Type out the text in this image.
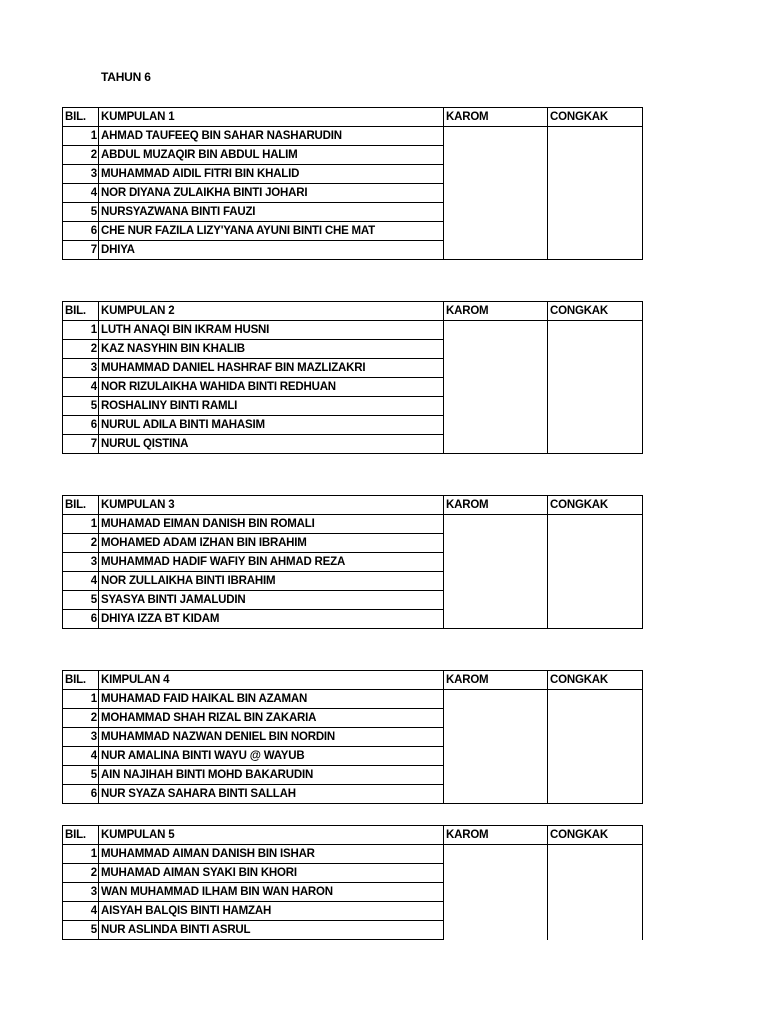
TAHUN 6
BIL.	KUMPULAN 1	KAROM	CONGKAK
1	AHMAD TAUFEEQ BIN SAHAR NASHARUDIN		
2	ABDUL MUZAQIR BIN ABDUL HALIM		
3	MUHAMMAD AIDIL FITRI BIN KHALID		
4	NOR DIYANA ZULAIKHA BINTI JOHARI		
5	NURSYAZWANA BINTI FAUZI		
6	CHE NUR FAZILA LIZY'YANA AYUNI BINTI CHE MAT		
7	DHIYA		
BIL.	KUMPULAN 2	KAROM	CONGKAK
1	LUTH ANAQI BIN IKRAM HUSNI		
2	KAZ NASYHIN BIN KHALIB		
3	MUHAMMAD DANIEL HASHRAF BIN MAZLIZAKRI		
4	NOR RIZULAIKHA WAHIDA BINTI REDHUAN		
5	ROSHALINY BINTI RAMLI		
6	NURUL ADILA BINTI MAHASIM		
7	NURUL QISTINA		
BIL.	KUMPULAN 3	KAROM	CONGKAK
1	MUHAMAD EIMAN DANISH BIN ROMALI		
2	MOHAMED ADAM IZHAN BIN IBRAHIM		
3	MUHAMMAD HADIF WAFIY BIN AHMAD REZA		
4	NOR ZULLAIKHA BINTI IBRAHIM		
5	SYASYA BINTI JAMALUDIN		
6	DHIYA IZZA BT KIDAM		
BIL.	KIMPULAN 4	KAROM	CONGKAK
1	MUHAMAD FAID HAIKAL BIN AZAMAN		
2	MOHAMMAD SHAH RIZAL BIN ZAKARIA		
3	MUHAMMAD NAZWAN DENIEL BIN NORDIN		
4	NUR AMALINA BINTI WAYU @ WAYUB		
5	AIN NAJIHAH BINTI MOHD BAKARUDIN		
6	NUR SYAZA SAHARA BINTI SALLAH		
BIL.	KUMPULAN 5	KAROM	CONGKAK
1	MUHAMMAD AIMAN DANISH BIN ISHAR		
2	MUHAMAD AIMAN SYAKI BIN KHORI		
3	WAN MUHAMMAD ILHAM BIN WAN HARON		
4	AISYAH BALQIS BINTI HAMZAH		
5	NUR ASLINDA BINTI ASRUL		
